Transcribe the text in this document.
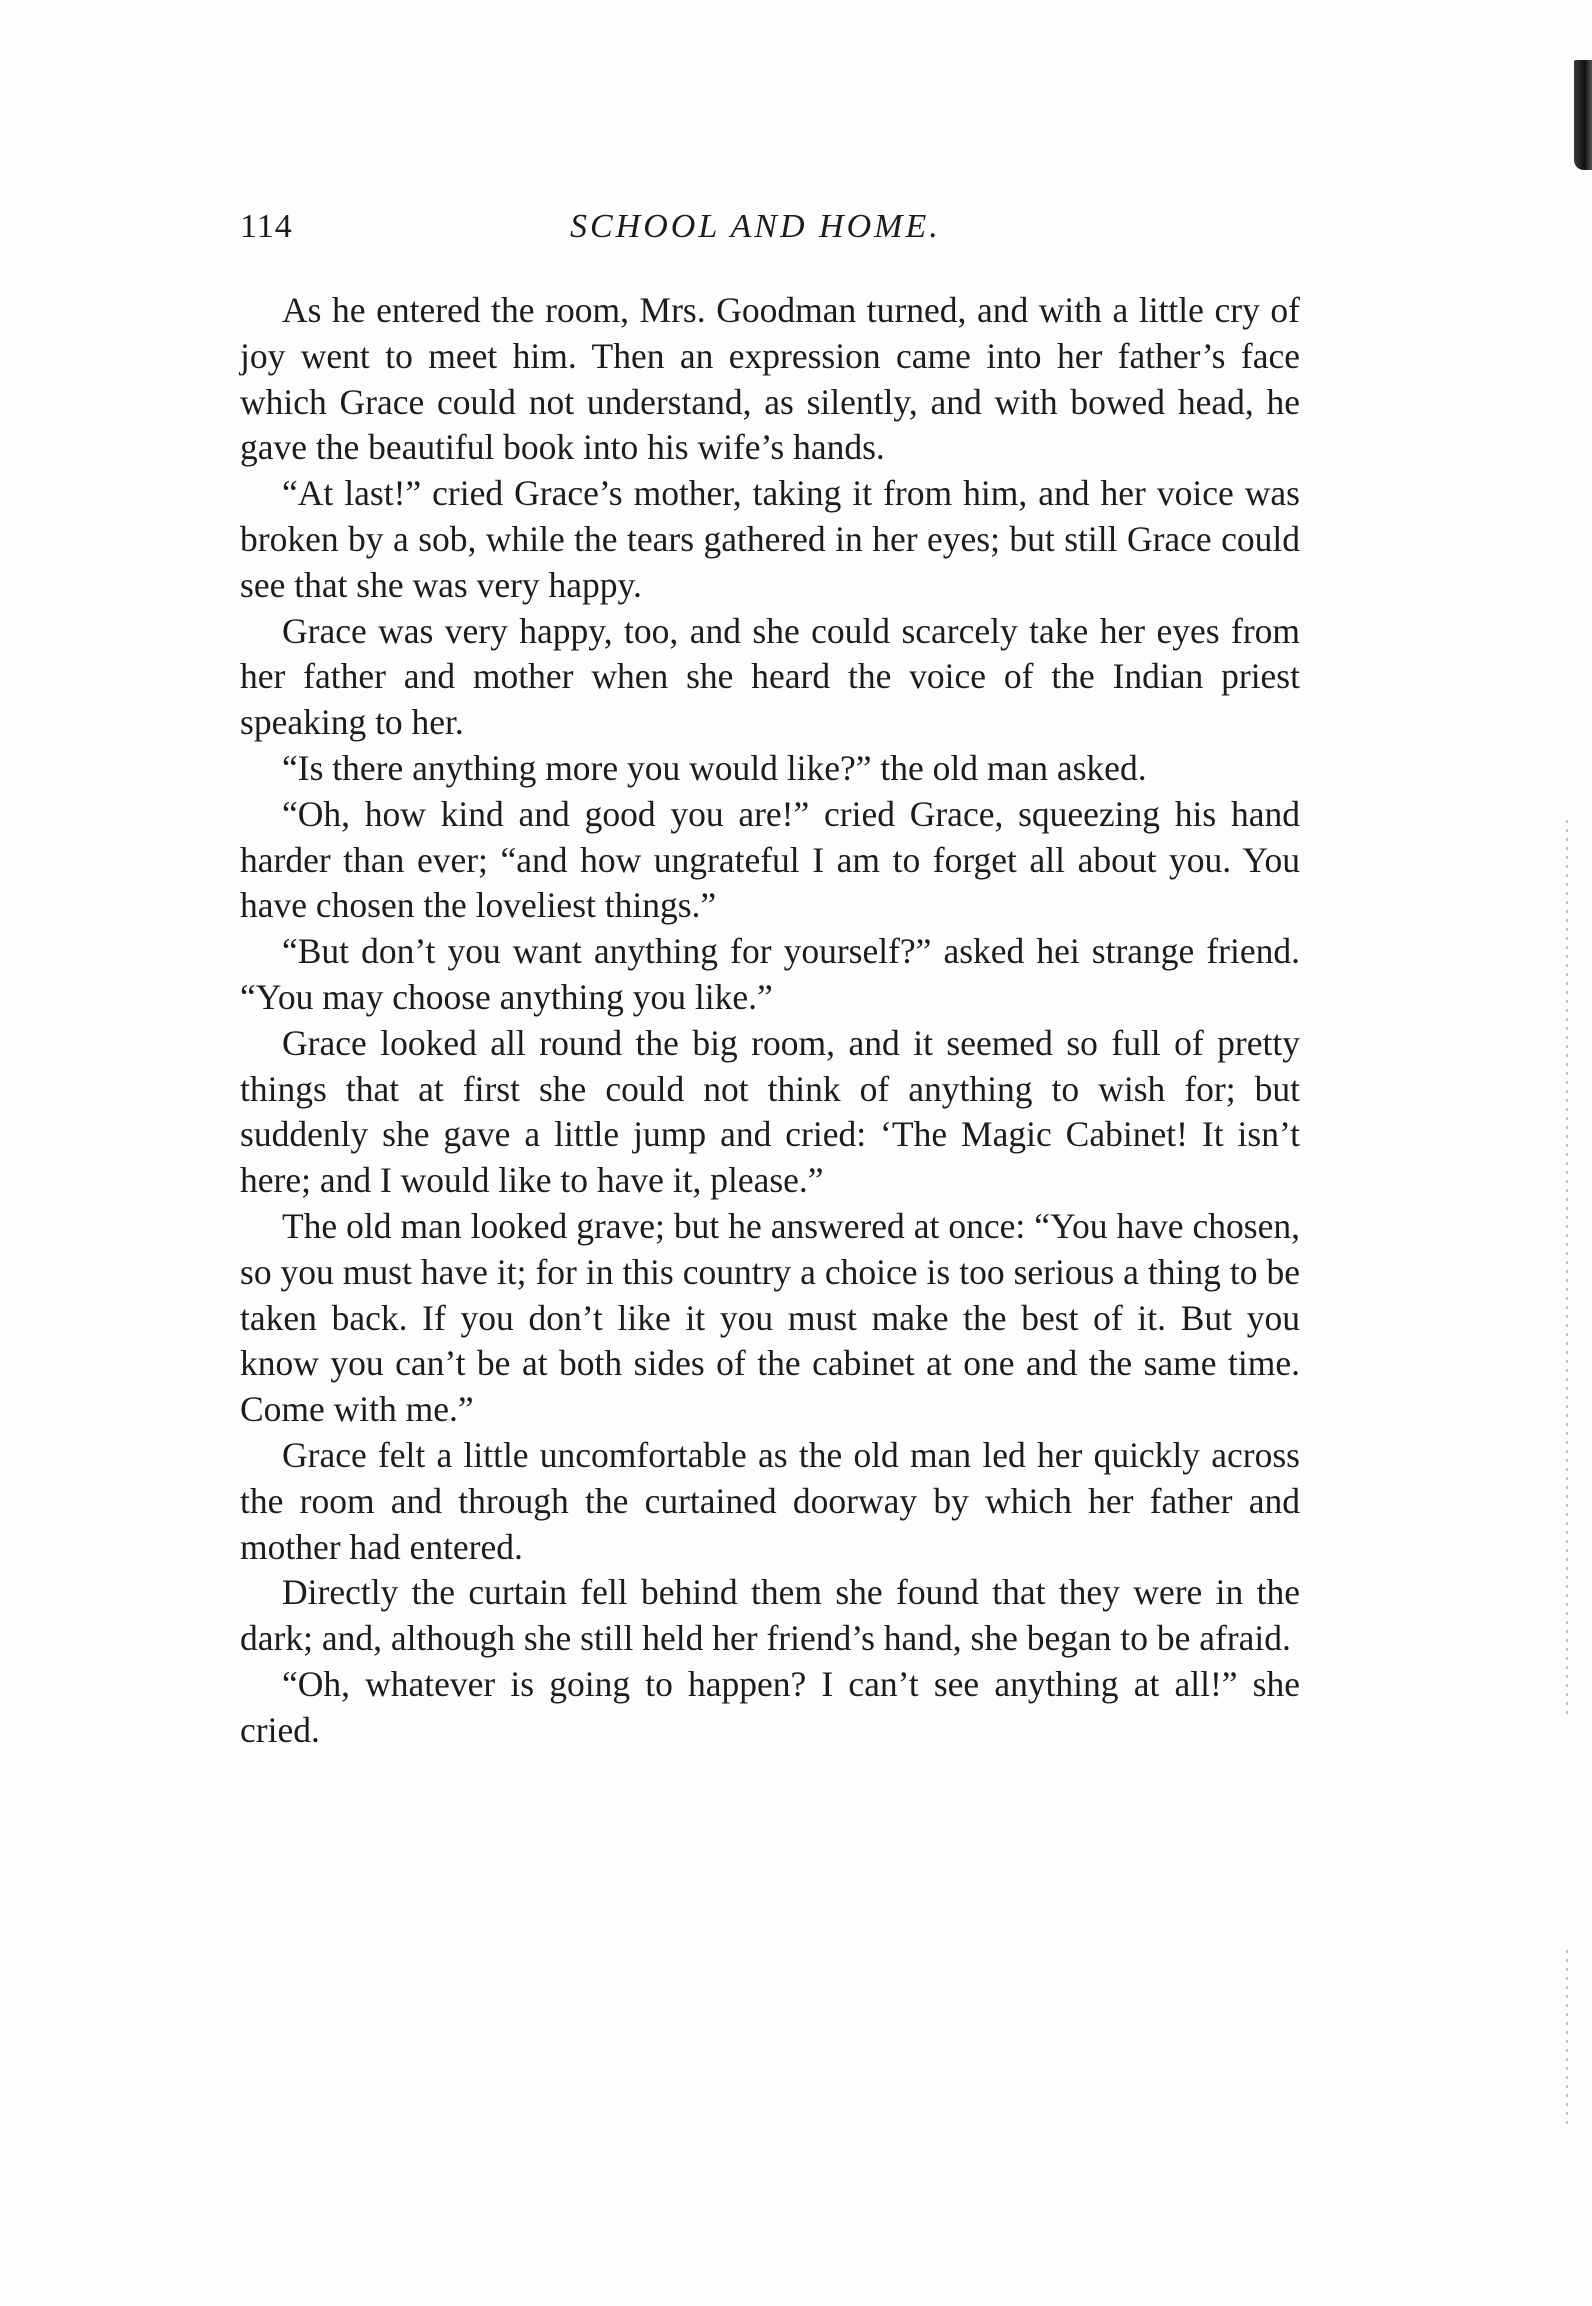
114	SCHOOL AND HOME.

As he entered the room, Mrs. Goodman turned, and with a little cry of joy went to meet him. Then an expression came into her father’s face which Grace could not understand, as silently, and with bowed head, he gave the beautiful book into his wife’s hands.

“At last!” cried Grace’s mother, taking it from him, and her voice was broken by a sob, while the tears gathered in her eyes; but still Grace could see that she was very happy.

Grace was very happy, too, and she could scarcely take her eyes from her father and mother when she heard the voice of the Indian priest speaking to her.

“Is there anything more you would like?” the old man asked.

“Oh, how kind and good you are!” cried Grace, squeezing his hand harder than ever; “and how ungrateful I am to forget all about you. You have chosen the loveliest things.”

“But don’t you want anything for yourself?” asked hei strange friend. “You may choose anything you like.”

Grace looked all round the big room, and it seemed so full of pretty things that at first she could not think of anything to wish for; but suddenly she gave a little jump and cried: ‘The Magic Cabinet! It isn’t here; and I would like to have it, please.”

The old man looked grave; but he answered at once: “You have chosen, so you must have it; for in this country a choice is too serious a thing to be taken back. If you don’t like it you must make the best of it. But you know you can’t be at both sides of the cabinet at one and the same time. Come with me.”

Grace felt a little uncomfortable as the old man led her quickly across the room and through the curtained doorway by which her father and mother had entered.

Directly the curtain fell behind them she found that they were in the dark; and, although she still held her friend’s hand, she began to be afraid.

“Oh, whatever is going to happen? I can’t see anything at all!” she cried.
